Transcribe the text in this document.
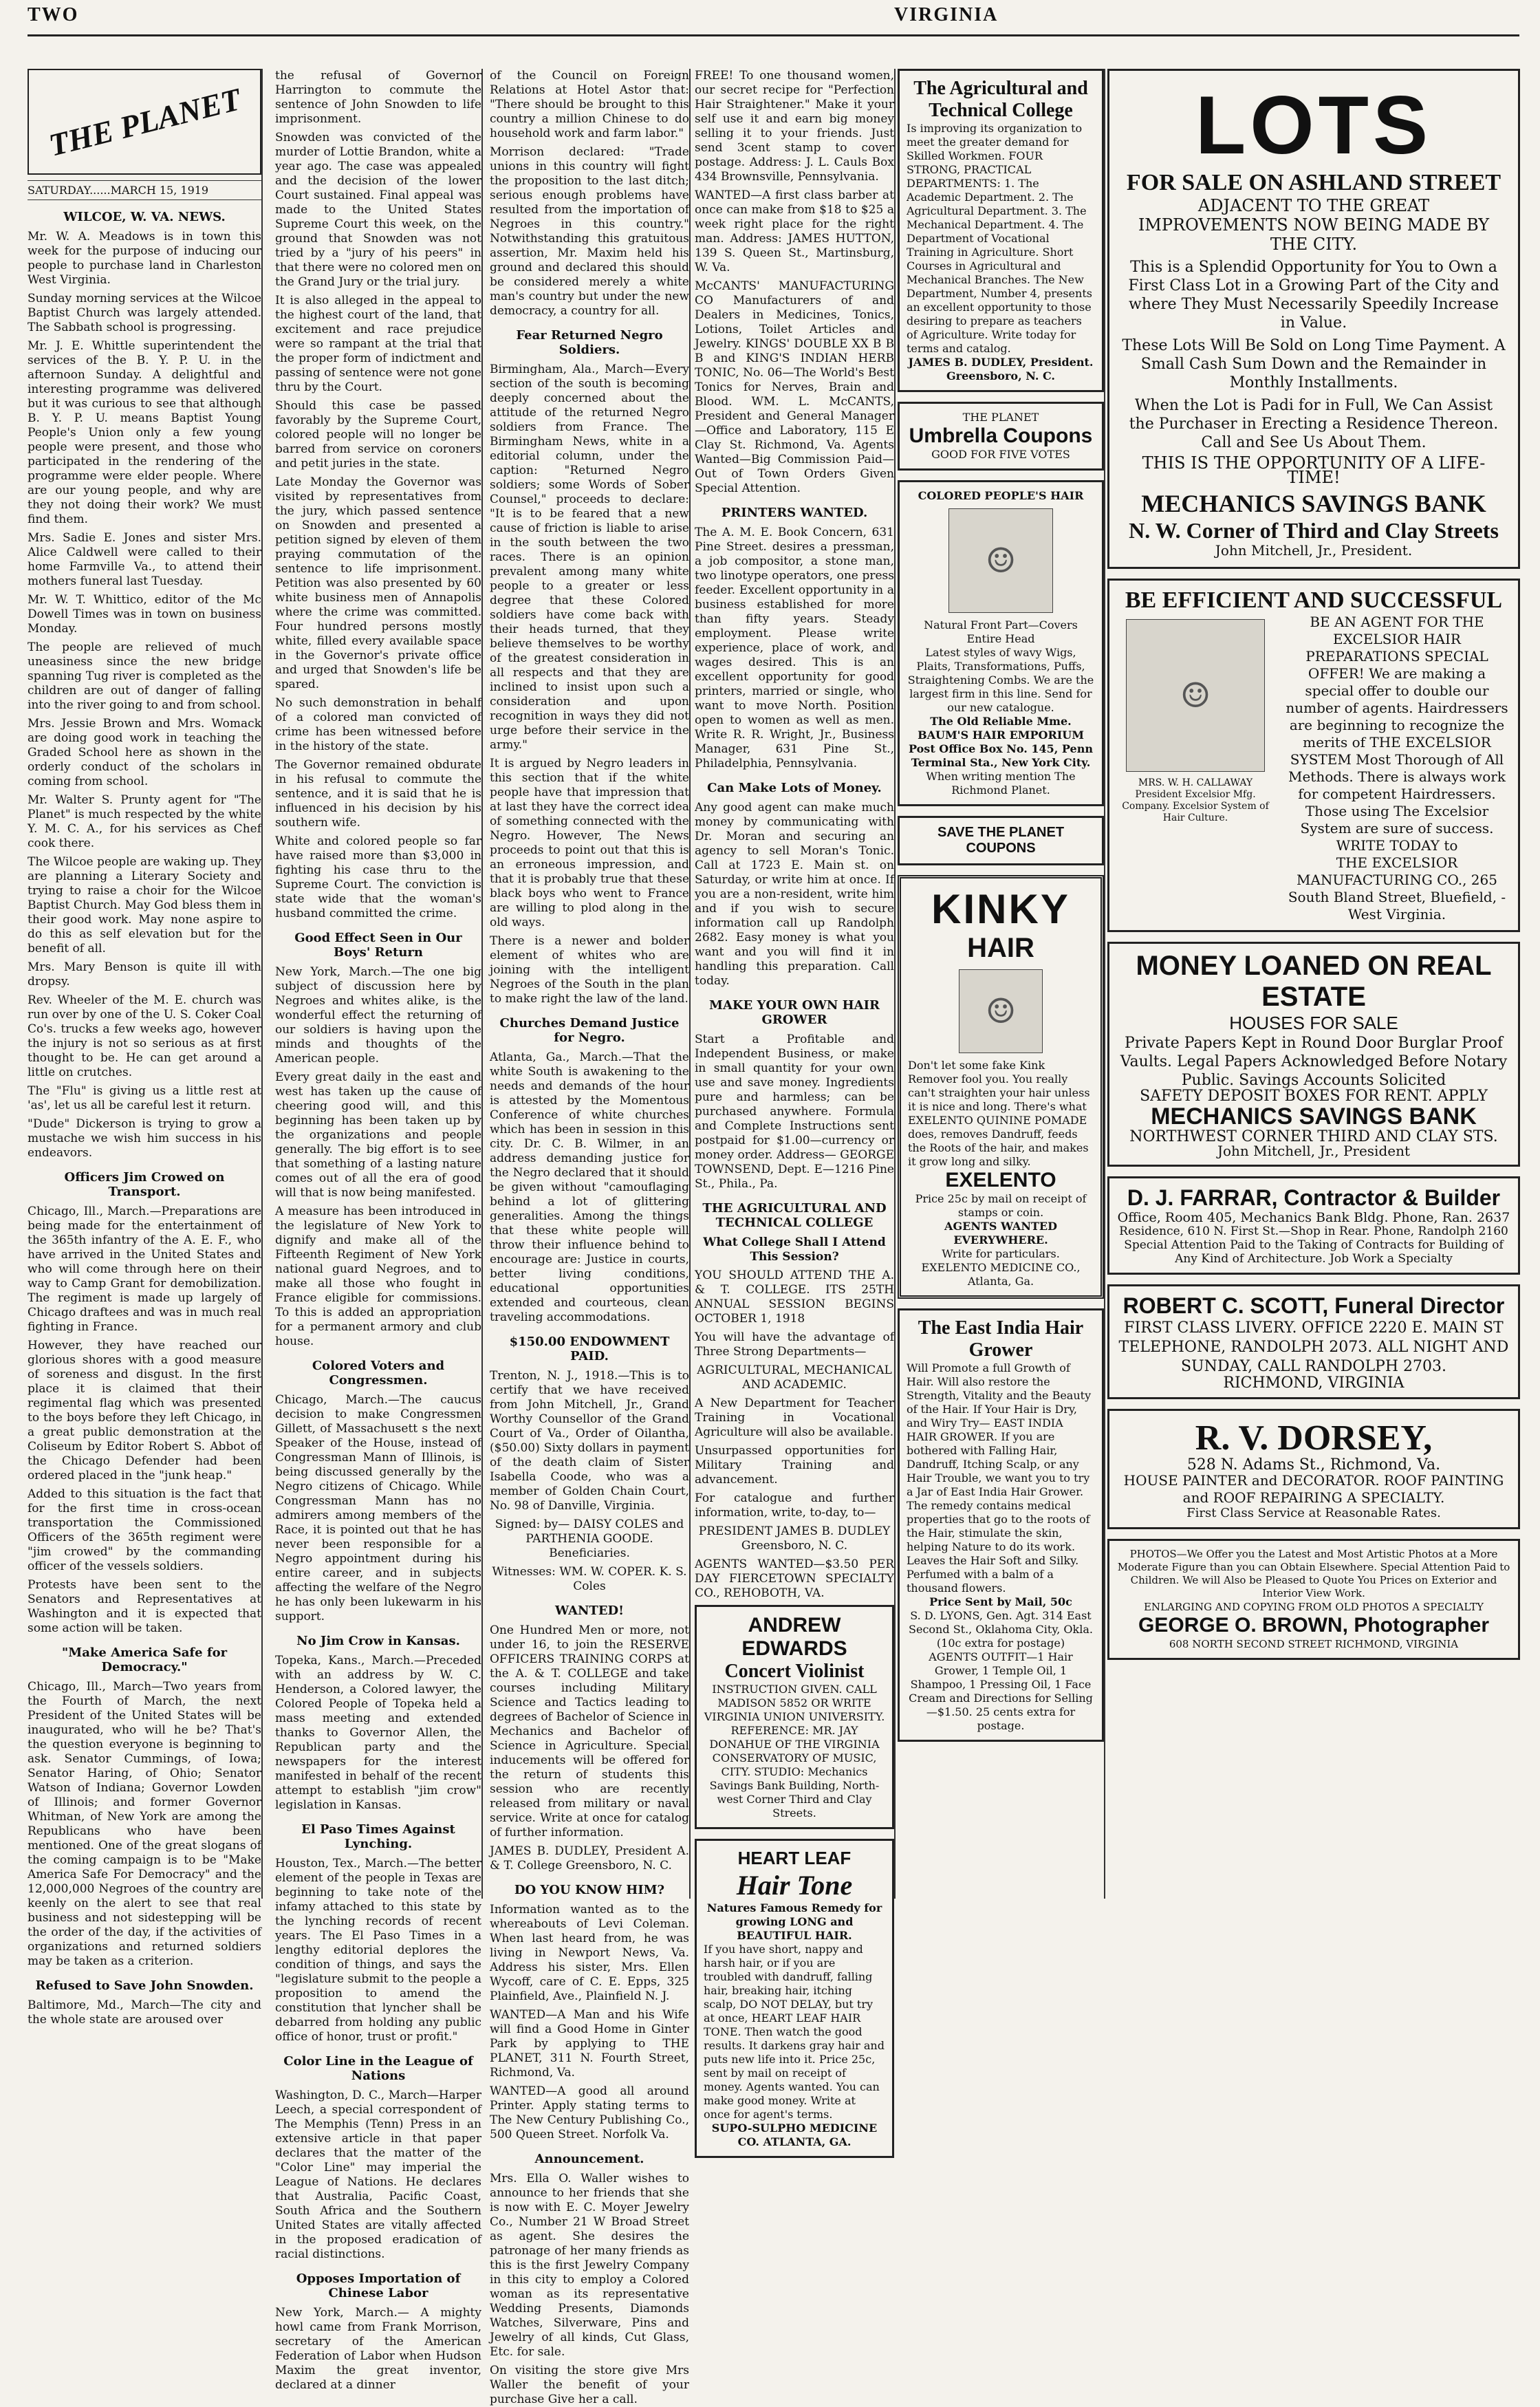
TWO	VIRGINIA
THE PLANET
SATURDAY......MARCH 15, 1919
WILCOE, W. VA. NEWS.

Mr. W. A. Meadows is in town this week for the purpose of inducing our people to purchase land in Charleston West Virginia.

Sunday morning services at the Wilcoe Baptist Church was largely attended. The Sabbath school is progressing.

Mr. J. E. Whittle superintendent the services of the B. Y. P. U. in the afternoon Sunday. A delightful and interesting programme was delivered but it was curious to see that although B. Y. P. U. means Baptist Young People's Union only a few young people were present, and those who participated in the rendering of the programme were elder people. Where are our young people, and why are they not doing their work? We must find them.

Mrs. Sadie E. Jones and sister Mrs. Alice Caldwell were called to their home Farmville Va., to attend their mothers funeral last Tuesday.

Mr. W. T. Whittico, editor of the Mc Dowell Times was in town on business Monday.

The people are relieved of much uneasiness since the new bridge spanning Tug river is completed as the children are out of danger of falling into the river going to and from school.

Mrs. Jessie Brown and Mrs. Womack are doing good work in teaching the Graded School here as shown in the orderly conduct of the scholars in coming from school.

Mr. Walter S. Prunty agent for "The Planet" is much respected by the white Y. M. C. A., for his services as Chef cook there.

The Wilcoe people are waking up. They are planning a Literary Society and trying to raise a choir for the Wilcoe Baptist Church. May God bless them in their good work. May none aspire to do this as self elevation but for the benefit of all.

Mrs. Mary Benson is quite ill with dropsy.

Rev. Wheeler of the M. E. church was run over by one of the U. S. Coker Coal Co's. trucks a few weeks ago, however the injury is not so serious as at first thought to be. He can get around a little on crutches.

The "Flu" is giving us a little rest at 'as', let us all be careful lest it return.

"Dude" Dickerson is trying to grow a mustache we wish him success in his endeavors.

Officers Jim Crowed on Transport.

Chicago, Ill., March.—Preparations are being made for the entertainment of the 365th infantry of the A. E. F., who have arrived in the United States and who will come through here on their way to Camp Grant for demobilization. The regiment is made up largely of Chicago draftees and was in much real fighting in France.

However, they have reached our glorious shores with a good measure of soreness and disgust. In the first place it is claimed that their regimental flag which was presented to the boys before they left Chicago, in a great public demonstration at the Coliseum by Editor Robert S. Abbot of the Chicago Defender had been ordered placed in the "junk heap."

Added to this situation is the fact that for the first time in cross-ocean transportation the Commissioned Officers of the 365th regiment were "jim crowed" by the commanding officer of the vessels soldiers.

Protests have been sent to the Senators and Representatives at Washington and it is expected that some action will be taken.

"Make America Safe for Democracy."

Chicago, Ill., March—Two years from the Fourth of March, the next President of the United States will be inaugurated, who will he be? That's the question everyone is beginning to ask. Senator Cummings, of Iowa; Senator Haring, of Ohio; Senator Watson of Indiana; Governor Lowden of Illinois; and former Governor Whitman, of New York are among the Republicans who have been mentioned. One of the great slogans of the coming campaign is to be "Make America Safe For Democracy" and the 12,000,000 Negroes of the country are keenly on the alert to see that real business and not sidestepping will be the order of the day, if the activities of organizations and returned soldiers may be taken as a criterion.

Refused to Save John Snowden.

Baltimore, Md., March—The city and the whole state are aroused over

the refusal of Governor Harrington to commute the sentence of John Snowden to life imprisonment.

Snowden was convicted of the murder of Lottie Brandon, white a year ago. The case was appealed and the decision of the lower Court sustained. Final appeal was made to the United States Supreme Court this week, on the ground that Snowden was not tried by a "jury of his peers" in that there were no colored men on the Grand Jury or the trial jury.

It is also alleged in the appeal to the highest court of the land, that excitement and race prejudice were so rampant at the trial that the proper form of indictment and passing of sentence were not gone thru by the Court.

Should this case be passed favorably by the Supreme Court, colored people will no longer be barred from service on coroners and petit juries in the state.

Late Monday the Governor was visited by representatives from the jury, which passed sentence on Snowden and presented a petition signed by eleven of them praying commutation of the sentence to life imprisonment. Petition was also presented by 60 white business men of Annapolis where the crime was committed. Four hundred persons mostly white, filled every available space in the Governor's private office and urged that Snowden's life be spared.

No such demonstration in behalf of a colored man convicted of crime has been witnessed before in the history of the state.

The Governor remained obdurate in his refusal to commute the sentence, and it is said that he is influenced in his decision by his southern wife.

White and colored people so far have raised more than $3,000 in fighting his case thru to the Supreme Court. The conviction is state wide that the woman's husband committed the crime.

Good Effect Seen in Our Boys' Return

New York, March.—The one big subject of discussion here by Negroes and whites alike, is the wonderful effect the returning of our soldiers is having upon the minds and thoughts of the American people.

Every great daily in the east and west has taken up the cause of cheering good will, and this beginning has been taken up by the organizations and people generally. The big effort is to see that something of a lasting nature comes out of all the era of good will that is now being manifested.

A measure has been introduced in the legislature of New York to dignify and make all of the Fifteenth Regiment of New York national guard Negroes, and to make all those who fought in France eligible for commissions. To this is added an appropriation for a permanent armory and club house.

Colored Voters and Congressmen.

Chicago, March.—The caucus decision to make Congressmen Gillett, of Massachusett s the next Speaker of the House, instead of Congressman Mann of Illinois, is being discussed generally by the Negro citizens of Chicago. While Congressman Mann has no admirers among members of the Race, it is pointed out that he has never been responsible for a Negro appointment during his entire career, and in subjects affecting the welfare of the Negro he has only been lukewarm in his support.

No Jim Crow in Kansas.

Topeka, Kans., March.—Preceded with an address by W. C. Henderson, a Colored lawyer, the Colored People of Topeka held a mass meeting and extended thanks to Governor Allen, the Republican party and the newspapers for the interest manifested in behalf of the recent attempt to establish "jim crow" legislation in Kansas.

El Paso Times Against Lynching.

Houston, Tex., March.—The better element of the people in Texas are beginning to take note of the infamy attached to this state by the lynching records of recent years. The El Paso Times in a lengthy editorial deplores the condition of things, and says the "legislature submit to the people a proposition to amend the constitution that lyncher shall be debarred from holding any public office of honor, trust or profit."

Color Line in the League of Nations

Washington, D. C., March—Harper Leech, a special correspondent of The Memphis (Tenn) Press in an extensive article in that paper declares that the matter of the "Color Line" may imperial the League of Nations. He declares that Australia, Pacific Coast, South Africa and the Southern United States are vitally affected in the proposed eradication of racial distinctions.

Opposes Importation of Chinese Labor

New York, March.— A mighty howl came from Frank Morrison, secretary of the American Federation of Labor when Hudson Maxim the great inventor, declared at a dinner

of the Council on Foreign Relations at Hotel Astor that: "There should be brought to this country a million Chinese to do household work and farm labor."

Morrison declared: "Trade unions in this country will fight the proposition to the last ditch; serious enough problems have resulted from the importation of Negroes in this country." Notwithstanding this gratuitous assertion, Mr. Maxim held his ground and declared this should be considered merely a white man's country but under the new democracy, a country for all.

Fear Returned Negro Soldiers.

Birmingham, Ala., March—Every section of the south is becoming deeply concerned about the attitude of the returned Negro soldiers from France. The Birmingham News, white in a editorial column, under the caption: "Returned Negro soldiers; some Words of Sober Counsel," proceeds to declare: "It is to be feared that a new cause of friction is liable to arise in the south between the two races. There is an opinion prevalent among many white people to a greater or less degree that these Colored soldiers have come back with their heads turned, that they believe themselves to be worthy of the greatest consideration in all respects and that they are inclined to insist upon such a consideration and upon recognition in ways they did not urge before their service in the army."

It is argued by Negro leaders in this section that if the white people have that impression that at last they have the correct idea of something connected with the Negro. However, The News proceeds to point out that this is an erroneous impression, and that it is probably true that these black boys who went to France are willing to plod along in the old ways.

There is a newer and bolder element of whites who are joining with the intelligent Negroes of the South in the plan to make right the law of the land.

Churches Demand Justice for Negro.

Atlanta, Ga., March.—That the white South is awakening to the needs and demands of the hour is attested by the Momentous Conference of white churches which has been in session in this city. Dr. C. B. Wilmer, in an address demanding justice for the Negro declared that it should be given without "camouflaging behind a lot of glittering generalities. Among the things that these white people will throw their influence behind to encourage are: Justice in courts, better living conditions, educational opportunities extended and courteous, clean traveling accommodations.

$150.00 ENDOWMENT PAID.

Trenton, N. J., 1918.—This is to certify that we have received from John Mitchell, Jr., Grand Worthy Counsellor of the Grand Court of Va., Order of Oilantha, ($50.00) Sixty dollars in payment of the death claim of Sister Isabella Coode, who was a member of Golden Chain Court, No. 98 of Danville, Virginia.

Signed: by— DAISY COLES and PARTHENIA GOODE. Beneficiaries.

Witnesses: WM. W. COPER. K. S. Coles

WANTED!

One Hundred Men or more, not under 16, to join the RESERVE OFFICERS TRAINING CORPS at the A. & T. COLLEGE and take courses including Military Science and Tactics leading to degrees of Bachelor of Science in Mechanics and Bachelor of Science in Agriculture. Special inducements will be offered for the return of students this session who are recently released from military or naval service. Write at once for catalog of further information.

JAMES B. DUDLEY, President A. & T. College Greensboro, N. C.

DO YOU KNOW HIM?

Information wanted as to the whereabouts of Levi Coleman. When last heard from, he was living in Newport News, Va. Address his sister, Mrs. Ellen Wycoff, care of C. E. Epps, 325 Plainfield, Ave., Plainfield N. J.

WANTED—A Man and his Wife will find a Good Home in Ginter Park by applying to THE PLANET, 311 N. Fourth Street, Richmond, Va.

WANTED—A good all around Printer. Apply stating terms to The New Century Publishing Co., 500 Queen Street. Norfolk Va.

Announcement.

Mrs. Ella O. Waller wishes to announce to her friends that she is now with E. C. Moyer Jewelry Co., Number 21 W Broad Street as agent. She desires the patronage of her many friends as this is the first Jewelry Company in this city to employ a Colored woman as its representative Wedding Presents, Diamonds Watches, Silverware, Pins and Jewelry of all kinds, Cut Glass, Etc. for sale.

On visiting the store give Mrs Waller the benefit of your purchase Give her a call.

FREE! To one thousand women, our secret recipe for "Perfection Hair Straightener." Make it your self use it and earn big money selling it to your friends. Just send 3cent stamp to cover postage. Address: J. L. Cauls Box 434 Brownsville, Pennsylvania.

WANTED—A first class barber at once can make from $18 to $25 a week right place for the right man. Address: JAMES HUTTON, 139 S. Queen St., Martinsburg, W. Va.

McCANTS' MANUFACTURING CO Manufacturers of and Dealers in Medicines, Tonics, Lotions, Toilet Articles and Jewelry. KINGS' DOUBLE XX B B B and KING'S INDIAN HERB TONIC, No. 06—The World's Best Tonics for Nerves, Brain and Blood. WM. L. McCANTS, President and General Manager—Office and Laboratory, 115 E Clay St. Richmond, Va. Agents Wanted—Big Commission Paid—Out of Town Orders Given Special Attention.

PRINTERS WANTED.

The A. M. E. Book Concern, 631 Pine Street. desires a pressman, a job compositor, a stone man, two linotype operators, one press feeder. Excellent opportunity in a business established for more than fifty years. Steady employment. Please write experience, place of work, and wages desired. This is an excellent opportunity for good printers, married or single, who want to move North. Position open to women as well as men. Write R. R. Wright, Jr., Business Manager, 631 Pine St., Philadelphia, Pennsylvania.

Can Make Lots of Money.

Any good agent can make much money by communicating with Dr. Moran and securing an agency to sell Moran's Tonic. Call at 1723 E. Main st. on Saturday, or write him at once. If you are a non-resident, write him and if you wish to secure information call up Randolph 2682. Easy money is what you want and you will find it in handling this preparation. Call today.

MAKE YOUR OWN HAIR GROWER

Start a Profitable and Independent Business, or make in small quantity for your own use and save money. Ingredients pure and harmless; can be purchased anywhere. Formula and Complete Instructions sent postpaid for $1.00—currency or money order. Address— GEORGE TOWNSEND, Dept. E—1216 Pine St., Phila., Pa.

THE AGRICULTURAL AND TECHNICAL COLLEGE

What College Shall I Attend This Session?

YOU SHOULD ATTEND THE A. & T. COLLEGE. ITS 25TH ANNUAL SESSION BEGINS OCTOBER 1, 1918

You will have the advantage of Three Strong Departments—

AGRICULTURAL, MECHANICAL AND ACADEMIC.

A New Department for Teacher Training in Vocational Agriculture will also be available.

Unsurpassed opportunities for Military Training and advancement.

For catalogue and further information, write, to-day, to—

PRESIDENT JAMES B. DUDLEY Greensboro, N. C.

AGENTS WANTED—$3.50 PER DAY FIERCETOWN SPECIALTY CO., REHOBOTH, VA.

ANDREW EDWARDS
Concert Violinist
INSTRUCTION GIVEN. CALL MADISON 5852 OR WRITE VIRGINIA UNION UNIVERSITY. REFERENCE: MR. JAY DONAHUE OF THE VIRGINIA CONSERVATORY OF MUSIC, CITY. STUDIO: Mechanics Savings Bank Building, North-west Corner Third and Clay Streets.
HEART LEAF
Hair Tone
Natures Famous Remedy for growing LONG and BEAUTIFUL HAIR.
If you have short, nappy and harsh hair, or if you are troubled with dandruff, falling hair, breaking hair, itching scalp, DO NOT DELAY, but try at once, HEART LEAF HAIR TONE. Then watch the good results. It darkens gray hair and puts new life into it. Price 25c, sent by mail on receipt of money. Agents wanted. You can make good money. Write at once for agent's terms.
SUPO-SULPHO MEDICINE CO. ATLANTA, GA.
The Agricultural and Technical College
Is improving its organization to meet the greater demand for Skilled Workmen. FOUR STRONG, PRACTICAL DEPARTMENTS: 1. The Academic Department. 2. The Agricultural Department. 3. The Mechanical Department. 4. The Department of Vocational Training in Agriculture. Short Courses in Agricultural and Mechanical Branches. The New Department, Number 4, presents an excellent opportunity to those desiring to prepare as teachers of Agriculture. Write today for terms and catalog.
JAMES B. DUDLEY, President. Greensboro, N. C.
THE PLANET
Umbrella Coupons
GOOD FOR FIVE VOTES
COLORED PEOPLE'S HAIR
☺
Natural Front Part—Covers Entire Head
Latest styles of wavy Wigs, Plaits, Transformations, Puffs, Straightening Combs. We are the largest firm in this line. Send for our new catalogue.
The Old Reliable Mme. BAUM'S HAIR EMPORIUM Post Office Box No. 145, Penn Terminal Sta., New York City.
When writing mention The Richmond Planet.
SAVE THE PLANET COUPONS
KINKY
HAIR
☺
Don't let some fake Kink Remover fool you. You really can't straighten your hair unless it is nice and long. There's what EXELENTO QUININE POMADE does, removes Dandruff, feeds the Roots of the hair, and makes it grow long and silky.
EXELENTO
Price 25c by mail on receipt of stamps or coin.
AGENTS WANTED EVERYWHERE.
Write for particulars. EXELENTO MEDICINE CO., Atlanta, Ga.
The East India Hair Grower
Will Promote a full Growth of Hair. Will also restore the Strength, Vitality and the Beauty of the Hair. If Your Hair is Dry, and Wiry Try— EAST INDIA HAIR GROWER. If you are bothered with Falling Hair, Dandruff, Itching Scalp, or any Hair Trouble, we want you to try a Jar of East India Hair Grower. The remedy contains medical properties that go to the roots of the Hair, stimulate the skin, helping Nature to do its work. Leaves the Hair Soft and Silky. Perfumed with a balm of a thousand flowers.
Price Sent by Mail, 50c
S. D. LYONS, Gen. Agt. 314 East Second St., Oklahoma City, Okla. (10c extra for postage)
AGENTS OUTFIT—1 Hair Grower, 1 Temple Oil, 1 Shampoo, 1 Pressing Oil, 1 Face Cream and Directions for Selling—$1.50. 25 cents extra for postage.
LOTS
FOR SALE ON ASHLAND STREET

ADJACENT TO THE GREAT IMPROVEMENTS NOW BEING MADE BY THE CITY.

This is a Splendid Opportunity for You to Own a First Class Lot in a Growing Part of the City and where They Must Necessarily Speedily Increase in Value.

These Lots Will Be Sold on Long Time Payment. A Small Cash Sum Down and the Remainder in Monthly Installments.

When the Lot is Padi for in Full, We Can Assist the Purchaser in Erecting a Residence Thereon. Call and See Us About Them.

THIS IS THE OPPORTUNITY OF A LIFE-TIME!

MECHANICS SAVINGS BANK
N. W. Corner of Third and Clay Streets
John Mitchell, Jr., President.
BE EFFICIENT AND SUCCESSFUL
☺
MRS. W. H. CALLAWAY President Excelsior Mfg. Company. Excelsior System of Hair Culture.
BE AN AGENT FOR THE EXCELSIOR HAIR PREPARATIONS SPECIAL OFFER! We are making a special offer to double our number of agents. Hairdressers are beginning to recognize the merits of THE EXCELSIOR SYSTEM Most Thorough of All Methods. There is always work for competent Hairdressers. Those using The Excelsior System are sure of success. WRITE TODAY to
THE EXCELSIOR MANUFACTURING CO., 265 South Bland Street, Bluefield, - West Virginia.
MONEY LOANED ON REAL ESTATE
HOUSES FOR SALE
Private Papers Kept in Round Door Burglar Proof Vaults. Legal Papers Acknowledged Before Notary Public. Savings Accounts Solicited
SAFETY DEPOSIT BOXES FOR RENT. APPLY
MECHANICS SAVINGS BANK
NORTHWEST CORNER THIRD AND CLAY STS.
John Mitchell, Jr., President
D. J. FARRAR, Contractor & Builder
Office, Room 405, Mechanics Bank Bldg. Phone, Ran. 2637
Residence, 610 N. First St.—Shop in Rear. Phone, Randolph 2160
Special Attention Paid to the Taking of Contracts for Building of Any Kind of Architecture. Job Work a Specialty
ROBERT C. SCOTT, Funeral Director
FIRST CLASS LIVERY. OFFICE 2220 E. MAIN ST TELEPHONE, RANDOLPH 2073. ALL NIGHT AND SUNDAY, CALL RANDOLPH 2703.
RICHMOND, VIRGINIA
R. V. DORSEY,
528 N. Adams St., Richmond, Va.
HOUSE PAINTER and DECORATOR. ROOF PAINTING and ROOF REPAIRING A SPECIALTY.
First Class Service at Reasonable Rates.
PHOTOS—We Offer you the Latest and Most Artistic Photos at a More Moderate Figure than you can Obtain Elsewhere. Special Attention Paid to Children. We will Also be Pleased to Quote You Prices on Exterior and Interior View Work.
ENLARGING AND COPYING FROM OLD PHOTOS A SPECIALTY
GEORGE O. BROWN, Photographer
608 NORTH SECOND STREET RICHMOND, VIRGINIA
